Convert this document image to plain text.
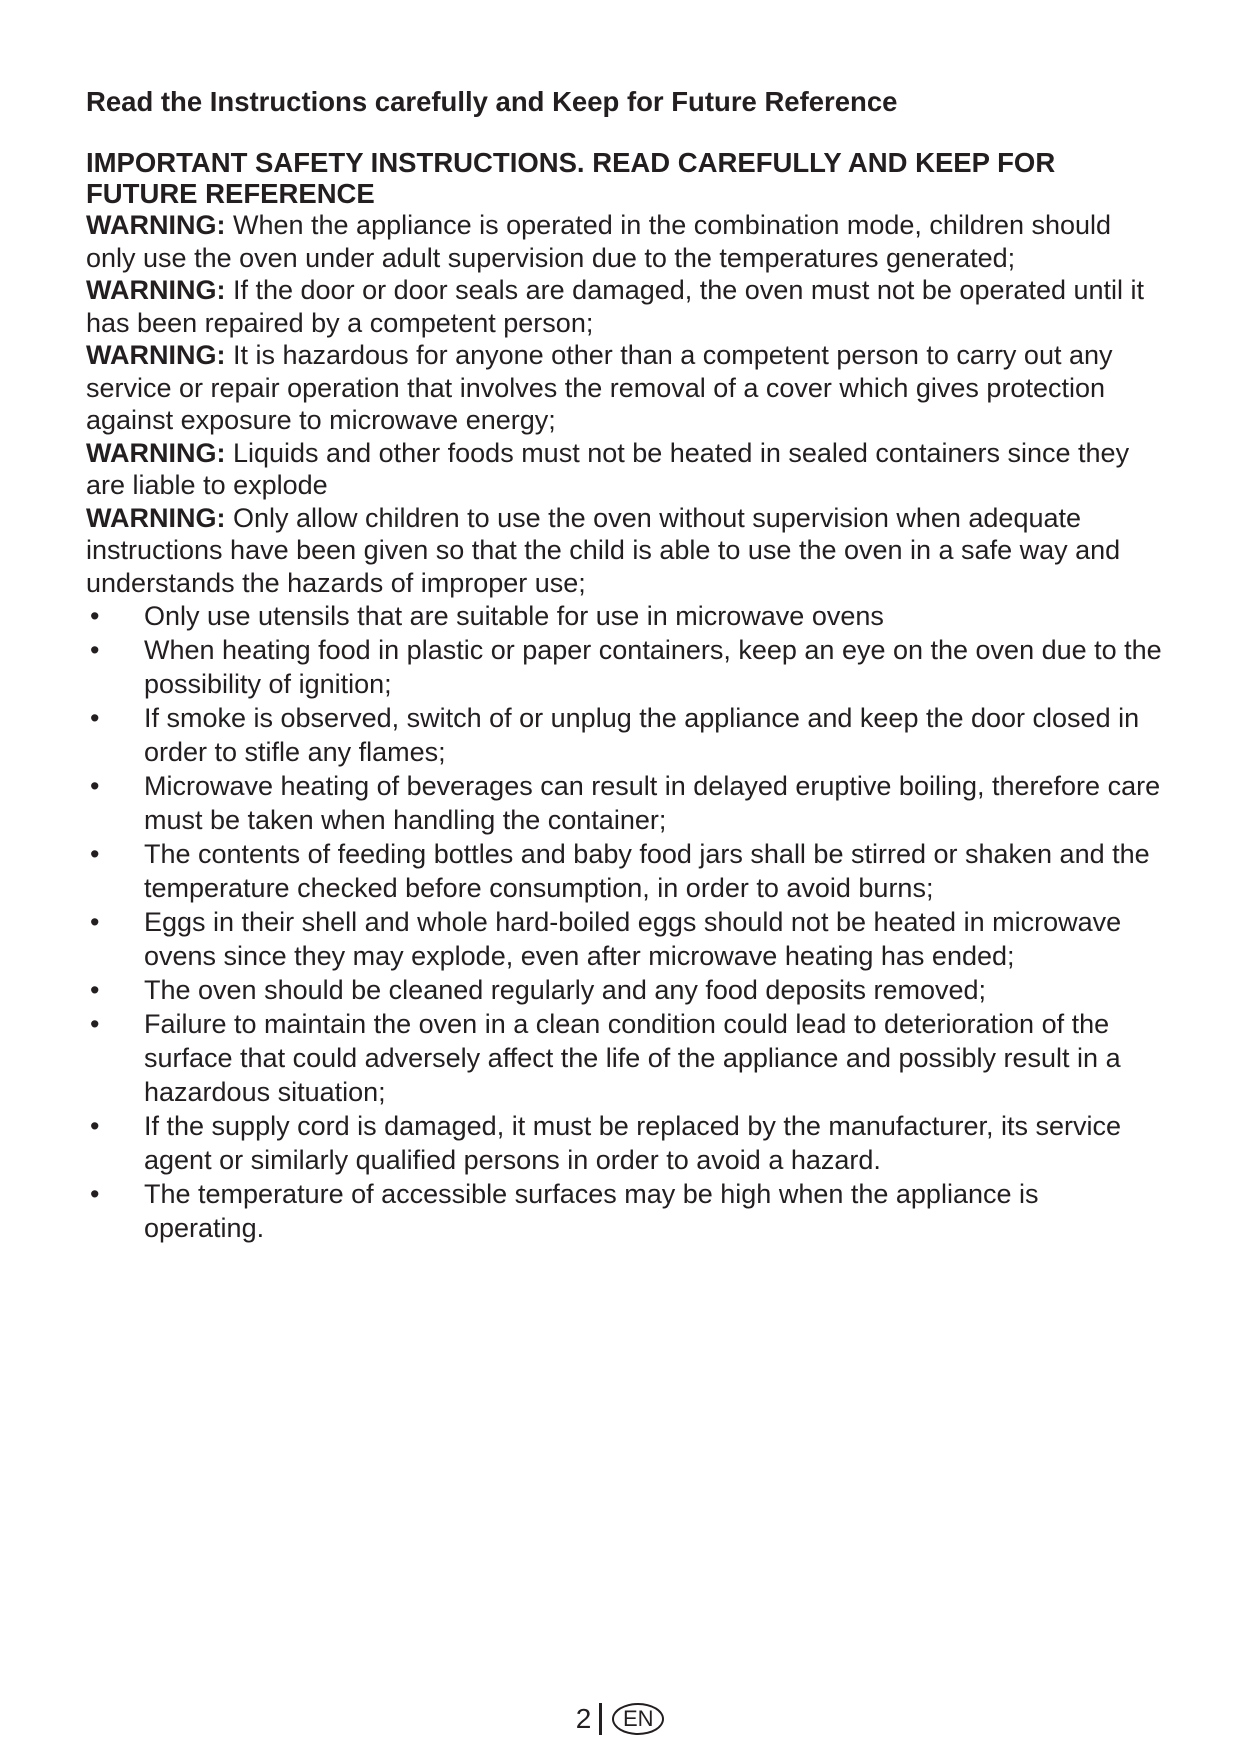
Read the Instructions carefully and Keep for Future Reference
IMPORTANT SAFETY INSTRUCTIONS. READ CAREFULLY AND KEEP FOR FUTURE REFERENCE

WARNING: When the appliance is operated in the combination mode, children should only use the oven under adult supervision due to the temperatures generated;

WARNING: If the door or door seals are damaged, the oven must not be operated until it has been repaired by a competent person;

WARNING: It is hazardous for anyone other than a competent person to carry out any service or repair operation that involves the removal of a cover which gives protection against exposure to microwave energy;

WARNING: Liquids and other foods must not be heated in sealed containers since they are liable to explode

WARNING: Only allow children to use the oven without supervision when adequate instructions have been given so that the child is able to use the oven in a safe way and understands the hazards of improper use;

• Only use utensils that are suitable for use in microwave ovens
• When heating food in plastic or paper containers, keep an eye on the oven due to the possibility of ignition;
• If smoke is observed, switch of or unplug the appliance and keep the door closed in order to stifle any flames;
• Microwave heating of beverages can result in delayed eruptive boiling, therefore care must be taken when handling the container;
• The contents of feeding bottles and baby food jars shall be stirred or shaken and the temperature checked before consumption, in order to avoid burns;
• Eggs in their shell and whole hard-boiled eggs should not be heated in microwave ovens since they may explode, even after microwave heating has ended;
• The oven should be cleaned regularly and any food deposits removed;
• Failure to maintain the oven in a clean condition could lead to deterioration of the surface that could adversely affect the life of the appliance and possibly result in a hazardous situation;
• If the supply cord is damaged, it must be replaced by the manufacturer, its service agent or similarly qualified persons in order to avoid a hazard.
• The temperature of accessible surfaces may be high when the appliance is operating.
2 EN
